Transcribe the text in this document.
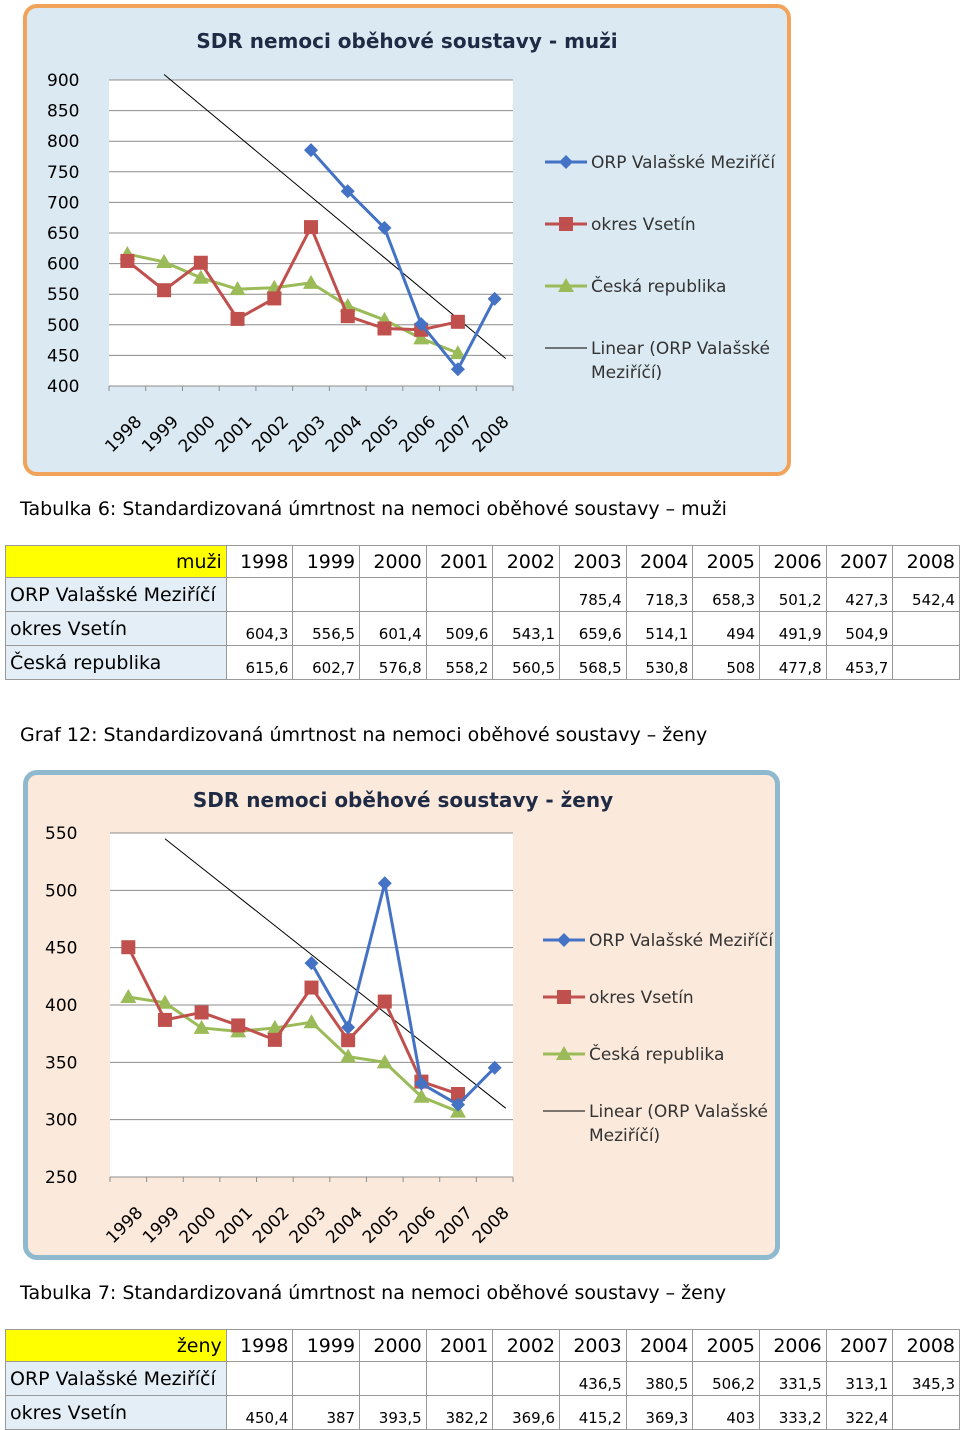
SDR nemoci oběhové soustavy - muži
400
450
500
550
600
650
700
750
800
850
900
1998
1999
2000
2001
2002
2003
2004
2005
2006
2007
2008
ORP Valašské Meziříčí
okres Vsetín
Česká republika
Linear (ORP Valašské
Meziříčí)
Tabulka 6: Standardizovaná úmrtnost na nemoci oběhové soustavy – muži
muži	1998	1999	2000	2001	2002	2003	2004	2005	2006	2007	2008
ORP Valašské Meziříčí						785,4	718,3	658,3	501,2	427,3	542,4
okres Vsetín	604,3	556,5	601,4	509,6	543,1	659,6	514,1	494	491,9	504,9	
Česká republika	615,6	602,7	576,8	558,2	560,5	568,5	530,8	508	477,8	453,7	
Graf 12: Standardizovaná úmrtnost na nemoci oběhové soustavy – ženy
SDR nemoci oběhové soustavy - ženy
250
300
350
400
450
500
550
1998
1999
2000
2001
2002
2003
2004
2005
2006
2007
2008
ORP Valašské Meziříčí
okres Vsetín
Česká republika
Linear (ORP Valašské
Meziříčí)
Tabulka 7: Standardizovaná úmrtnost na nemoci oběhové soustavy – ženy
ženy	1998	1999	2000	2001	2002	2003	2004	2005	2006	2007	2008
ORP Valašské Meziříčí						436,5	380,5	506,2	331,5	313,1	345,3
okres Vsetín	450,4	387	393,5	382,2	369,6	415,2	369,3	403	333,2	322,4	
